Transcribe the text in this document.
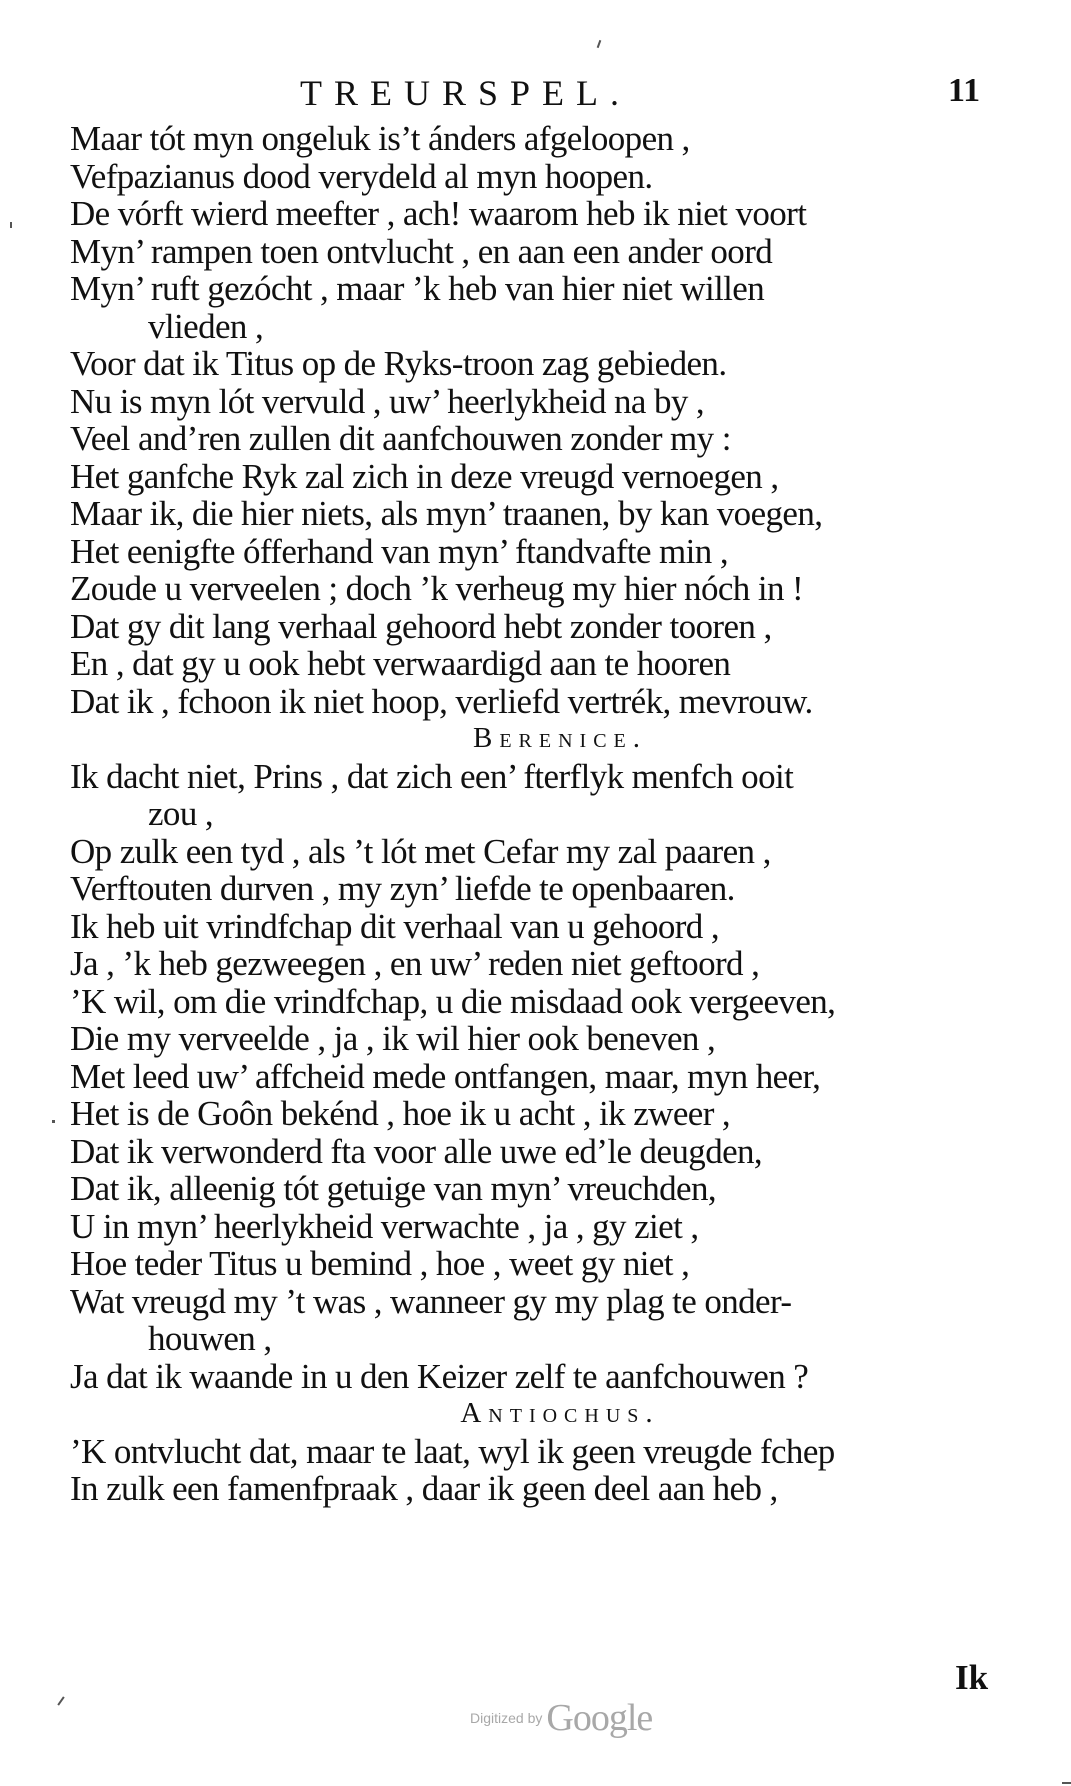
TREURSPEL.	11
Maar tót myn ongeluk is’t ánders afgeloopen ,
Vefpazianus dood verydeld al myn hoopen.
De vórft wierd meefter , ach! waarom heb ik niet voort
Myn’ rampen toen ontvlucht , en aan een ander oord
Myn’ ruft gezócht , maar ’k heb van hier niet willen
vlieden ,
Voor dat ik Titus op de Ryks-troon zag gebieden.
Nu is myn lót vervuld , uw’ heerlykheid na by ,
Veel and’ren zullen dit aanfchouwen zonder my :
Het ganfche Ryk zal zich in deze vreugd vernoegen ,
Maar ik, die hier niets, als myn’ traanen, by kan voegen,
Het eenigfte ófferhand van myn’ ftandvafte min ,
Zoude u verveelen ; doch ’k verheug my hier nóch in !
Dat gy dit lang verhaal gehoord hebt zonder tooren ,
En , dat gy u ook hebt verwaardigd aan te hooren
Dat ik , fchoon ik niet hoop, verliefd vertrék, mevrouw.
Berenice.
Ik dacht niet, Prins , dat zich een’ fterflyk menfch ooit
zou ,
Op zulk een tyd , als ’t lót met Cefar my zal paaren ,
Verftouten durven , my zyn’ liefde te openbaaren.
Ik heb uit vrindfchap dit verhaal van u gehoord ,
Ja , ’k heb gezweegen , en uw’ reden niet geftoord ,
’K wil, om die vrindfchap, u die misdaad ook vergeeven,
Die my verveelde , ja , ik wil hier ook beneven ,
Met leed uw’ affcheid mede ontfangen, maar, myn heer,
Het is de Goôn bekénd , hoe ik u acht , ik zweer ,
Dat ik verwonderd fta voor alle uwe ed’le deugden,
Dat ik, alleenig tót getuige van myn’ vreuchden,
U in myn’ heerlykheid verwachte , ja , gy ziet ,
Hoe teder Titus u bemind , hoe , weet gy niet ,
Wat vreugd my ’t was , wanneer gy my plag te onder-
houwen ,
Ja dat ik waande in u den Keizer zelf te aanfchouwen ?
Antiochus.
’K ontvlucht dat, maar te laat, wyl ik geen vreugde fchep
In zulk een famenfpraak , daar ik geen deel aan heb ,
Ik
Digitized by Google
